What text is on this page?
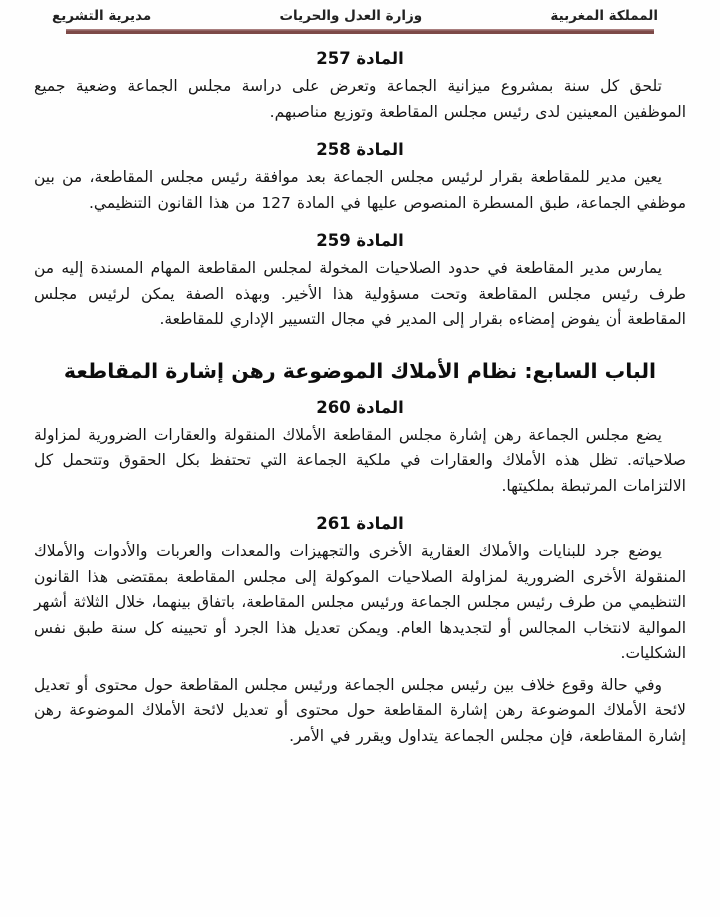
المملكة المغربية
وزارة العدل والحريات
مديرية التشريع
المادة 257

تلحق كل سنة بمشروع ميزانية الجماعة وتعرض على دراسة مجلس الجماعة وضعية جميع الموظفين المعينين لدى رئيس مجلس المقاطعة وتوزيع مناصبهم.

المادة 258

يعين مدير للمقاطعة بقرار لرئيس مجلس الجماعة بعد موافقة رئيس مجلس المقاطعة، من بين موظفي الجماعة، طبق المسطرة المنصوص عليها في المادة 127 من هذا القانون التنظيمي.

المادة 259

يمارس مدير المقاطعة في حدود الصلاحيات المخولة لمجلس المقاطعة المهام المسندة إليه من طرف رئيس مجلس المقاطعة وتحت مسؤولية هذا الأخير. وبهذه الصفة يمكن لرئيس مجلس المقاطعة أن يفوض إمضاءه بقرار إلى المدير في مجال التسيير الإداري للمقاطعة.

الباب السابع: نظام الأملاك الموضوعة رهن إشارة المقاطعة
المادة 260

يضع مجلس الجماعة رهن إشارة مجلس المقاطعة الأملاك المنقولة والعقارات الضرورية لمزاولة صلاحياته. تظل هذه الأملاك والعقارات في ملكية الجماعة التي تحتفظ بكل الحقوق وتتحمل كل الالتزامات المرتبطة بملكيتها.

المادة 261

يوضع جرد للبنايات والأملاك العقارية الأخرى والتجهيزات والمعدات والعربات والأدوات والأملاك المنقولة الأخرى الضرورية لمزاولة الصلاحيات الموكولة إلى مجلس المقاطعة بمقتضى هذا القانون التنظيمي من طرف رئيس مجلس الجماعة ورئيس مجلس المقاطعة، باتفاق بينهما، خلال الثلاثة أشهر الموالية لانتخاب المجالس أو لتجديدها العام. ويمكن تعديل هذا الجرد أو تحيينه كل سنة طبق نفس الشكليات.

وفي حالة وقوع خلاف بين رئيس مجلس الجماعة ورئيس مجلس المقاطعة حول محتوى أو تعديل لائحة الأملاك الموضوعة رهن إشارة المقاطعة حول محتوى أو تعديل لائحة الأملاك الموضوعة رهن إشارة المقاطعة، فإن مجلس الجماعة يتداول ويقرر في الأمر.
